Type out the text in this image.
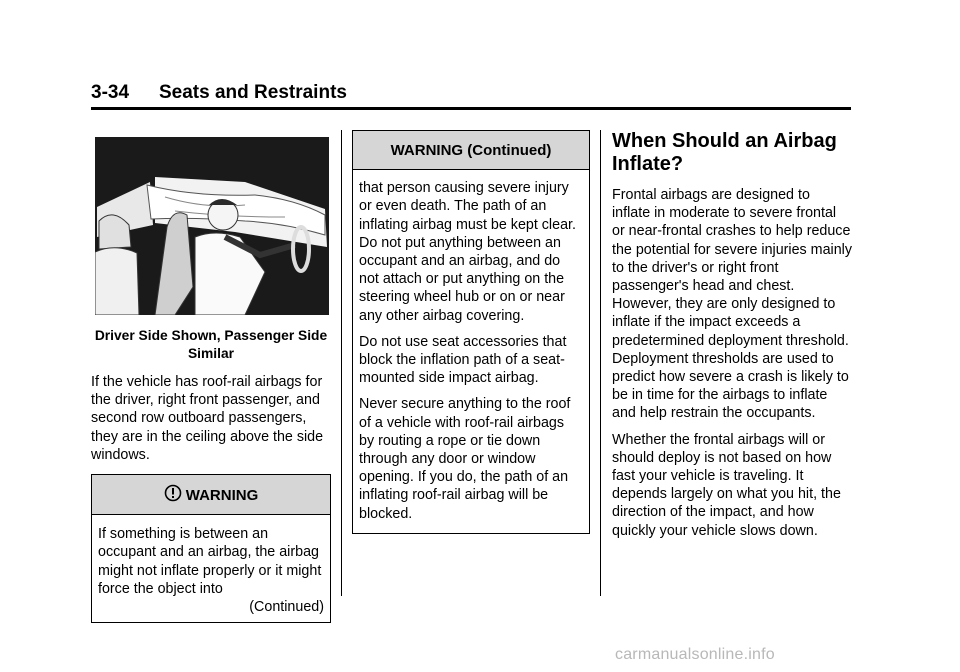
3-34 Seats and Restraints
Driver Side Shown, Passenger Side Similar

If the vehicle has roof-rail airbags for the driver, right front passenger, and second row outboard passengers, they are in the ceiling above the side windows.

WARNING

If something is between an occupant and an airbag, the airbag might not inflate properly or it might force the object into

(Continued)
WARNING (Continued)

that person causing severe injury or even death. The path of an inflating airbag must be kept clear. Do not put anything between an occupant and an airbag, and do not attach or put anything on the steering wheel hub or on or near any other airbag covering.

Do not use seat accessories that block the inflation path of a seat-mounted side impact airbag.

Never secure anything to the roof of a vehicle with roof-rail airbags by routing a rope or tie down through any door or window opening. If you do, the path of an inflating roof-rail airbag will be blocked.

When Should an Airbag Inflate?

Frontal airbags are designed to inflate in moderate to severe frontal or near-frontal crashes to help reduce the potential for severe injuries mainly to the driver's or right front passenger's head and chest. However, they are only designed to inflate if the impact exceeds a predetermined deployment threshold. Deployment thresholds are used to predict how severe a crash is likely to be in time for the airbags to inflate and help restrain the occupants.

Whether the frontal airbags will or should deploy is not based on how fast your vehicle is traveling. It depends largely on what you hit, the direction of the impact, and how quickly your vehicle slows down.

carmanualsonline.info
